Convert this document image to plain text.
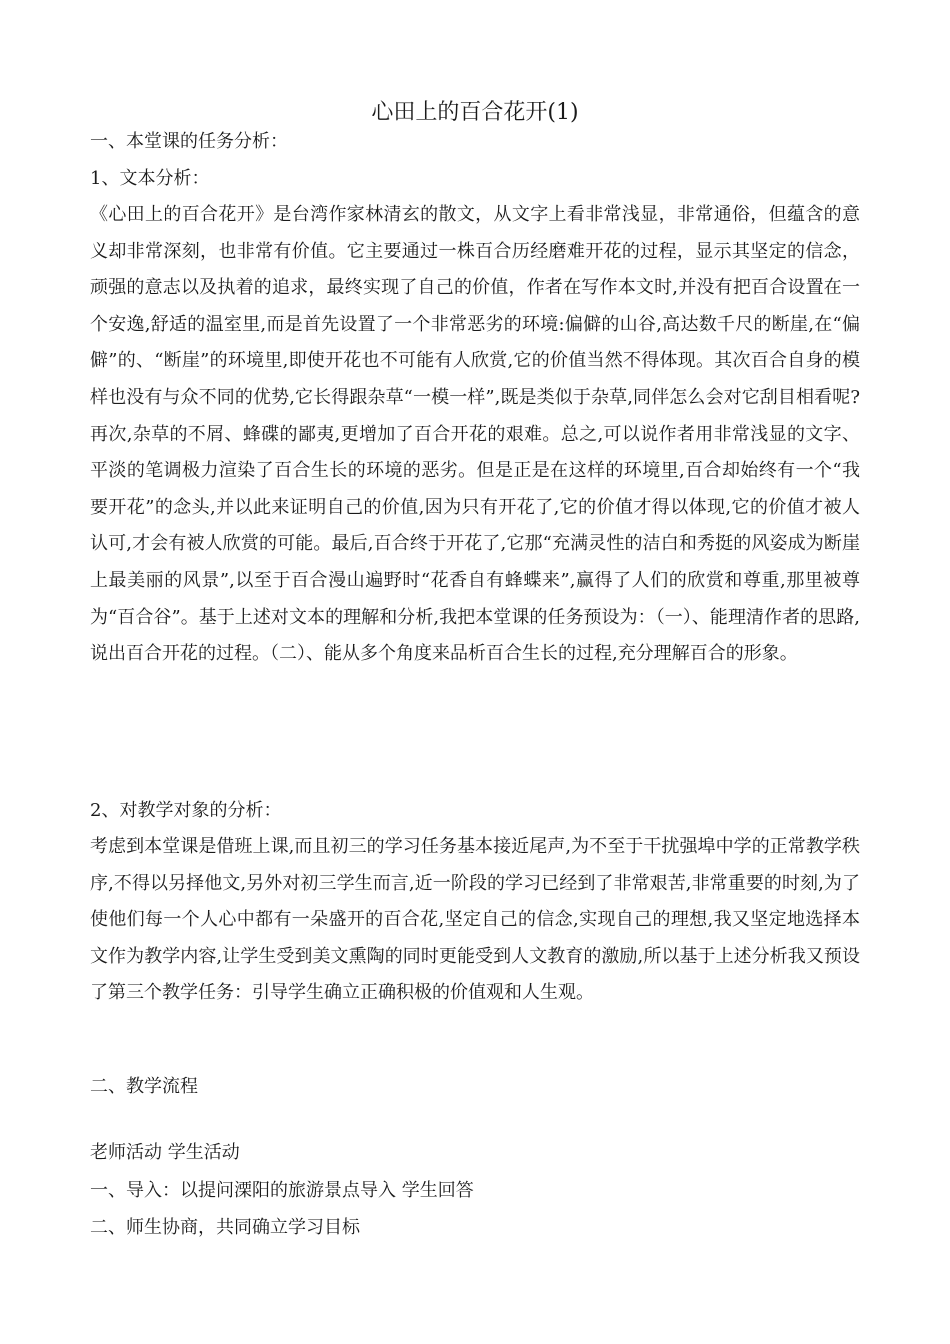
心田上的百合花开(1)
一、本堂课的任务分析：
1、文本分析：
《心田上的百合花开》是台湾作家林清玄的散文，从文字上看非常浅显，非常通俗，但蕴含的意义却非常深刻，也非常有价值。它主要通过一株百合历经磨难开花的过程，显示其坚定的信念，顽强的意志以及执着的追求，最终实现了自己的价值，作者在写作本文时,并没有把百合设置在一个安逸,舒适的温室里,而是首先设置了一个非常恶劣的环境:偏僻的山谷,高达数千尺的断崖,在“偏僻”的、“断崖”的环境里,即使开花也不可能有人欣赏,它的价值当然不得体现。其次百合自身的模样也没有与众不同的优势,它长得跟杂草“一模一样”,既是类似于杂草,同伴怎么会对它刮目相看呢?再次,杂草的不屑、蜂碟的鄙夷,更增加了百合开花的艰难。总之,可以说作者用非常浅显的文字、平淡的笔调极力渲染了百合生长的环境的恶劣。但是正是在这样的环境里,百合却始终有一个“我要开花”的念头,并以此来证明自己的价值,因为只有开花了,它的价值才得以体现,它的价值才被人认可,才会有被人欣赏的可能。最后,百合终于开花了,它那“充满灵性的洁白和秀挺的风姿成为断崖上最美丽的风景”,以至于百合漫山遍野时“花香自有蜂蝶来”,赢得了人们的欣赏和尊重,那里被尊为“百合谷”。基于上述对文本的理解和分析,我把本堂课的任务预设为：（一）、能理清作者的思路,说出百合开花的过程。（二）、能从多个角度来品析百合生长的过程,充分理解百合的形象。
2、对教学对象的分析：
考虑到本堂课是借班上课,而且初三的学习任务基本接近尾声,为不至于干扰强埠中学的正常教学秩序,不得以另择他文,另外对初三学生而言,近一阶段的学习已经到了非常艰苦,非常重要的时刻,为了使他们每一个人心中都有一朵盛开的百合花,坚定自己的信念,实现自己的理想,我又坚定地选择本文作为教学内容,让学生受到美文熏陶的同时更能受到人文教育的激励,所以基于上述分析我又预设了第三个教学任务：引导学生确立正确积极的价值观和人生观。
二、教学流程
老师活动 学生活动
一、导入：以提问溧阳的旅游景点导入 学生回答
二、师生协商，共同确立学习目标
